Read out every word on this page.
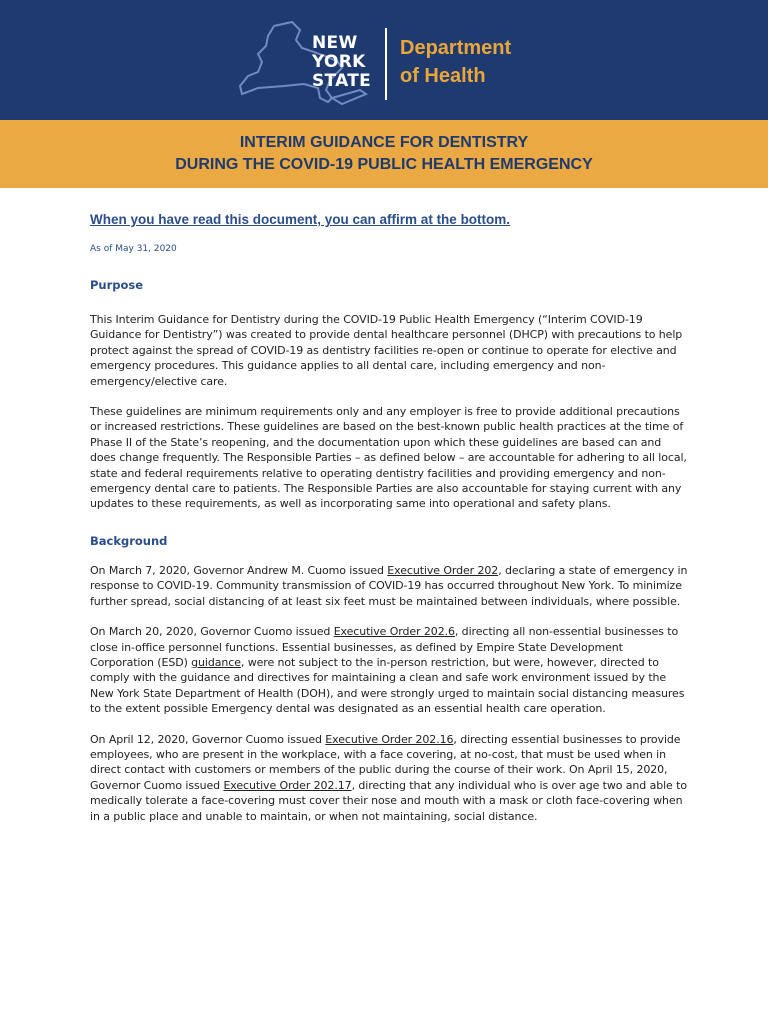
NEW
YORK
STATE
Department
of Health
INTERIM GUIDANCE FOR DENTISTRY
DURING THE COVID-19 PUBLIC HEALTH EMERGENCY

When you have read this document, you can affirm at the bottom.

As of May 31, 2020
Purpose

This Interim Guidance for Dentistry during the COVID-19 Public Health Emergency (“Interim COVID-19 Guidance for Dentistry”) was created to provide dental healthcare personnel (DHCP) with precautions to help protect against the spread of COVID-19 as dentistry facilities re-open or continue to operate for elective and emergency procedures. This guidance applies to all dental care, including emergency and non-emergency/elective care.

These guidelines are minimum requirements only and any employer is free to provide additional precautions or increased restrictions. These guidelines are based on the best-known public health practices at the time of Phase II of the State’s reopening, and the documentation upon which these guidelines are based can and does change frequently. The Responsible Parties – as defined below – are accountable for adhering to all local, state and federal requirements relative to operating dentistry facilities and providing emergency and non-emergency dental care to patients. The Responsible Parties are also accountable for staying current with any updates to these requirements, as well as incorporating same into operational and safety plans.

Background

On March 7, 2020, Governor Andrew M. Cuomo issued Executive Order 202, declaring a state of emergency in response to COVID-19. Community transmission of COVID-19 has occurred throughout New York. To minimize further spread, social distancing of at least six feet must be maintained between individuals, where possible.

On March 20, 2020, Governor Cuomo issued Executive Order 202.6, directing all non-essential businesses to close in-office personnel functions. Essential businesses, as defined by Empire State Development Corporation (ESD) guidance, were not subject to the in-person restriction, but were, however, directed to comply with the guidance and directives for maintaining a clean and safe work environment issued by the New York State Department of Health (DOH), and were strongly urged to maintain social distancing measures to the extent possible Emergency dental was designated as an essential health care operation.

On April 12, 2020, Governor Cuomo issued Executive Order 202.16, directing essential businesses to provide employees, who are present in the workplace, with a face covering, at no-cost, that must be used when in direct contact with customers or members of the public during the course of their work. On April 15, 2020, Governor Cuomo issued Executive Order 202.17, directing that any individual who is over age two and able to medically tolerate a face-covering must cover their nose and mouth with a mask or cloth face-covering when in a public place and unable to maintain, or when not maintaining, social distance.
